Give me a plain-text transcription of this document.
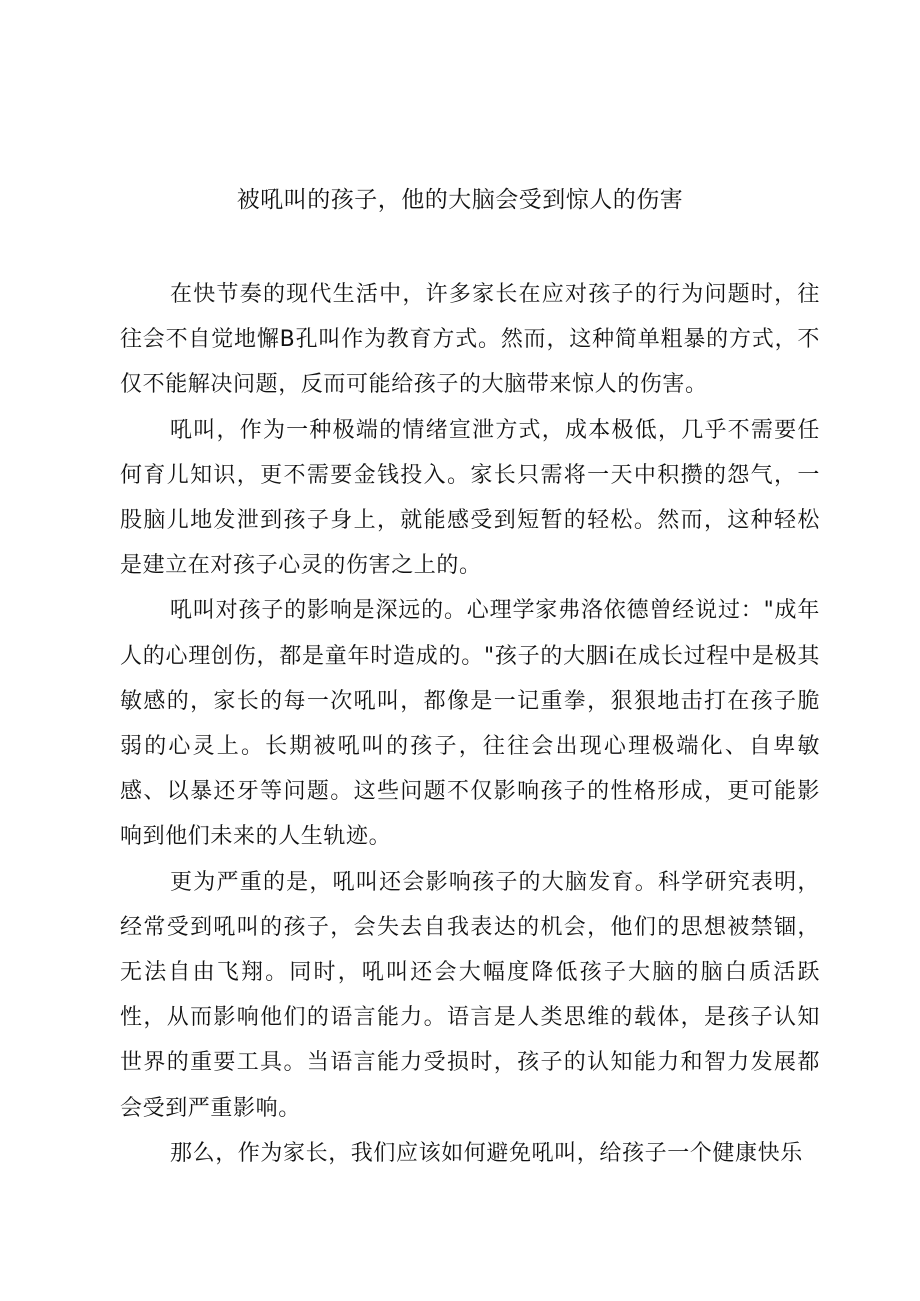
被吼叫的孩子，他的大脑会受到惊人的伤害

在快节奏的现代生活中，许多家长在应对孩子的行为问题时，往往会不自觉地懈B孔叫作为教育方式。然而，这种简单粗暴的方式，不仅不能解决问题，反而可能给孩子的大脑带来惊人的伤害。

吼叫，作为一种极端的情绪宣泄方式，成本极低，几乎不需要任何育儿知识，更不需要金钱投入。家长只需将一天中积攒的怨气，一股脑儿地发泄到孩子身上，就能感受到短暂的轻松。然而，这种轻松是建立在对孩子心灵的伤害之上的。

吼叫对孩子的影响是深远的。心理学家弗洛依德曾经说过："成年人的心理创伤，都是童年时造成的。"孩子的大胭i在成长过程中是极其敏感的，家长的每一次吼叫，都像是一记重拳，狠狠地击打在孩子脆弱的心灵上。长期被吼叫的孩子，往往会出现心理极端化、自卑敏感、以暴还牙等问题。这些问题不仅影响孩子的性格形成，更可能影响到他们未来的人生轨迹。

更为严重的是，吼叫还会影响孩子的大脑发育。科学研究表明，经常受到吼叫的孩子，会失去自我表达的机会，他们的思想被禁锢，无法自由飞翔。同时，吼叫还会大幅度降低孩子大脑的脑白质活跃性，从而影响他们的语言能力。语言是人类思维的载体，是孩子认知世界的重要工具。当语言能力受损时，孩子的认知能力和智力发展都会受到严重影响。

那么，作为家长，我们应该如何避免吼叫，给孩子一个健康快乐
